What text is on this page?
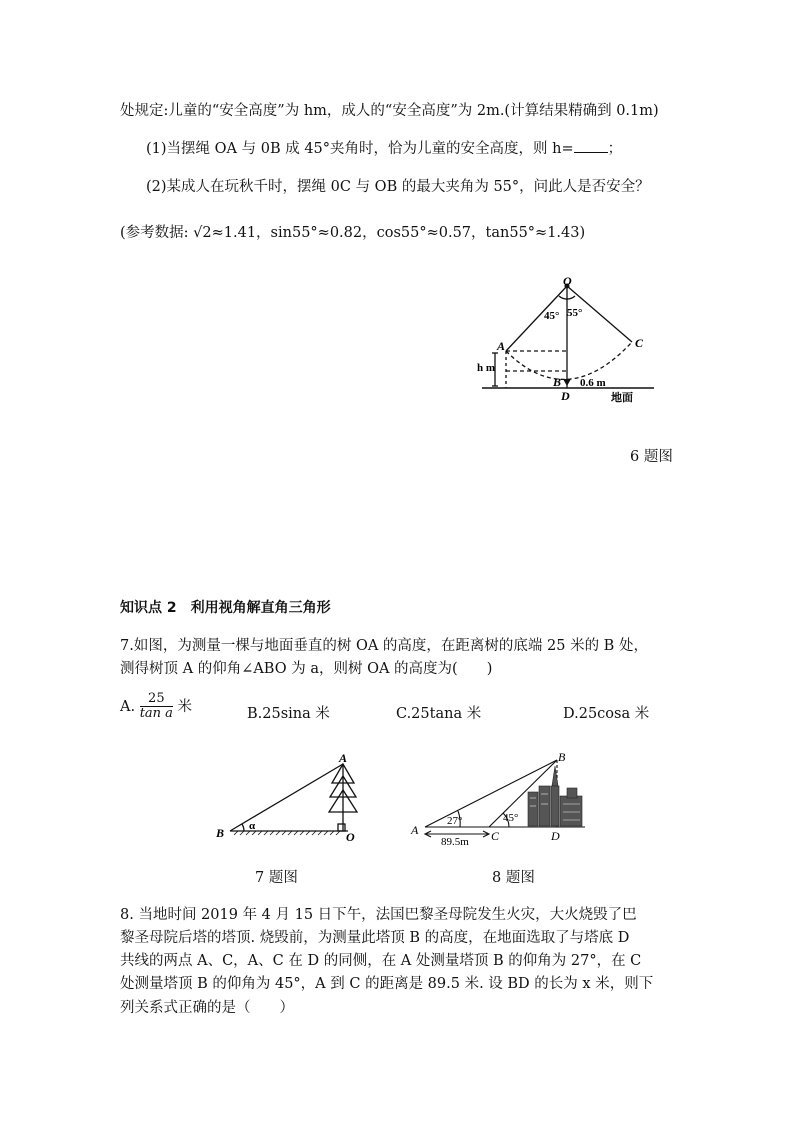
处规定:儿童的“安全高度”为 hm，成人的“安全高度”为 2m.(计算结果精确到 0.1m)
(1)当摆绳 OA 与 0B 成 45°夹角时，恰为儿童的安全高度，则 h= ；
(2)某成人在玩秋千时，摆绳 0C 与 OB 的最大夹角为 55°，问此人是否安全？
(参考数据: √2≈1.41，sin55°≈0.82，cos55°≈0.57，tan55°≈1.43)
O
A
B
C
D
45° 55°
h m
0.6 m
地面
6 题图
知识点 2　利用视角解直角三角形
7.如图，为测量一棵与地面垂直的树 OA 的高度，在距离树的底端 25 米的 B 处，
测得树顶 A 的仰角∠ABO 为 a，则树 OA 的高度为(　　)
A. $\frac{25}{\text{tan a}}$ 米	B.25sina 米	C.25tana 米	D.25cosa 米
A
B	O
α	A
B
C	D
27°	45°
89.5m
7 题图	8 题图
8. 当地时间 2019 年 4 月 15 日下午，法国巴黎圣母院发生火灾，大火烧毁了巴
黎圣母院后塔的塔顶. 烧毁前，为测量此塔顶 B 的高度，在地面选取了与塔底 D
共线的两点 A、C，A、C 在 D 的同侧，在 A 处测量塔顶 B 的仰角为 27°，在 C
处测量塔顶 B 的仰角为 45°，A 到 C 的距离是 89.5 米. 设 BD 的长为 x 米，则下
列关系式正确的是（　　）
